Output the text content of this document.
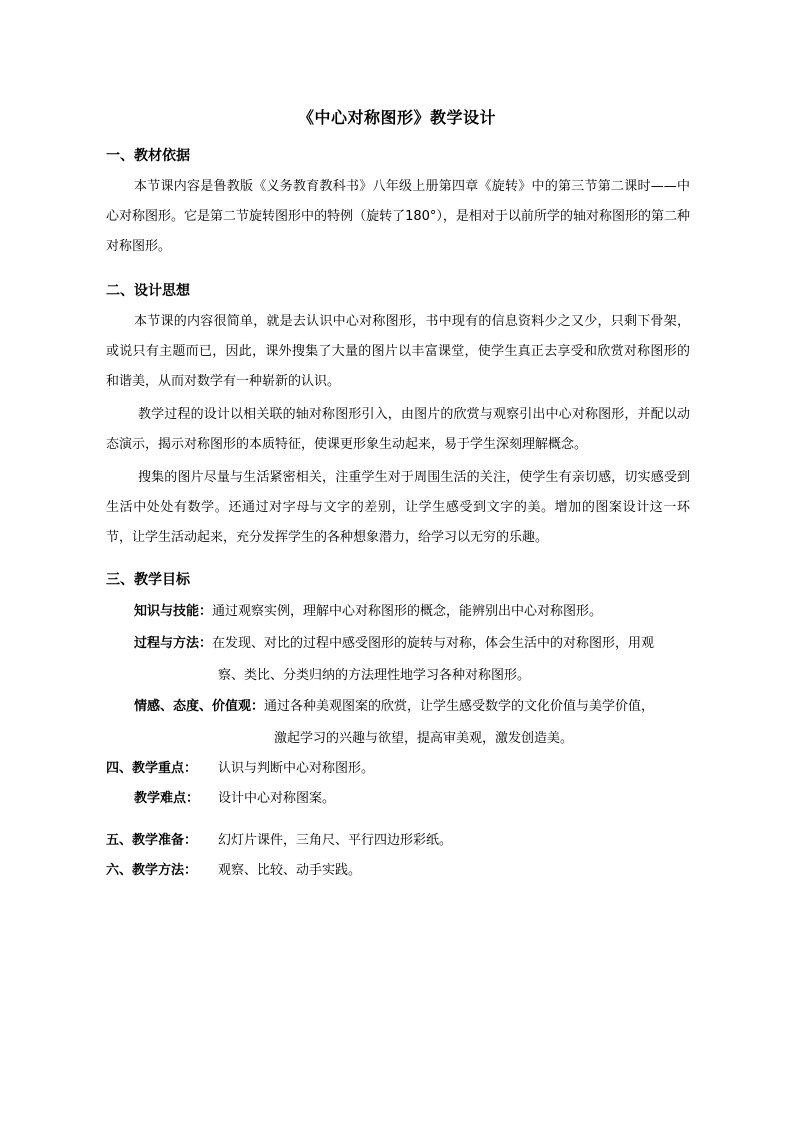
《中心对称图形》教学设计
一、教材依据
本节课内容是鲁教版《义务教育教科书》八年级上册第四章《旋转》中的第三节第二课时——中心对称图形。它是第二节旋转图形中的特例（旋转了180°），是相对于以前所学的轴对称图形的第二种对称图形。
二、设计思想
本节课的内容很简单，就是去认识中心对称图形，书中现有的信息资料少之又少，只剩下骨架，或说只有主题而已，因此，课外搜集了大量的图片以丰富课堂，使学生真正去享受和欣赏对称图形的和谐美，从而对数学有一种崭新的认识。
教学过程的设计以相关联的轴对称图形引入，由图片的欣赏与观察引出中心对称图形，并配以动态演示，揭示对称图形的本质特征，使课更形象生动起来，易于学生深刻理解概念。
搜集的图片尽量与生活紧密相关，注重学生对于周围生活的关注，使学生有亲切感，切实感受到生活中处处有数学。还通过对字母与文字的差别，让学生感受到文字的美。增加的图案设计这一环节，让学生活动起来，充分发挥学生的各种想象潜力，给学习以无穷的乐趣。
三、教学目标
知识与技能：通过观察实例，理解中心对称图形的概念，能辨别出中心对称图形。
过程与方法：在发现、对比的过程中感受图形的旋转与对称，体会生活中的对称图形，用观
察、类比、分类归纳的方法理性地学习各种对称图形。
情感、态度、价值观：通过各种美观图案的欣赏，让学生感受数学的文化价值与美学价值，
激起学习的兴趣与欲望，提高审美观，激发创造美。
四、教学重点： 认识与判断中心对称图形。
教学难点： 设计中心对称图案。
五、教学准备： 幻灯片课件，三角尺、平行四边形彩纸。
六、教学方法： 观察、比较、动手实践。
